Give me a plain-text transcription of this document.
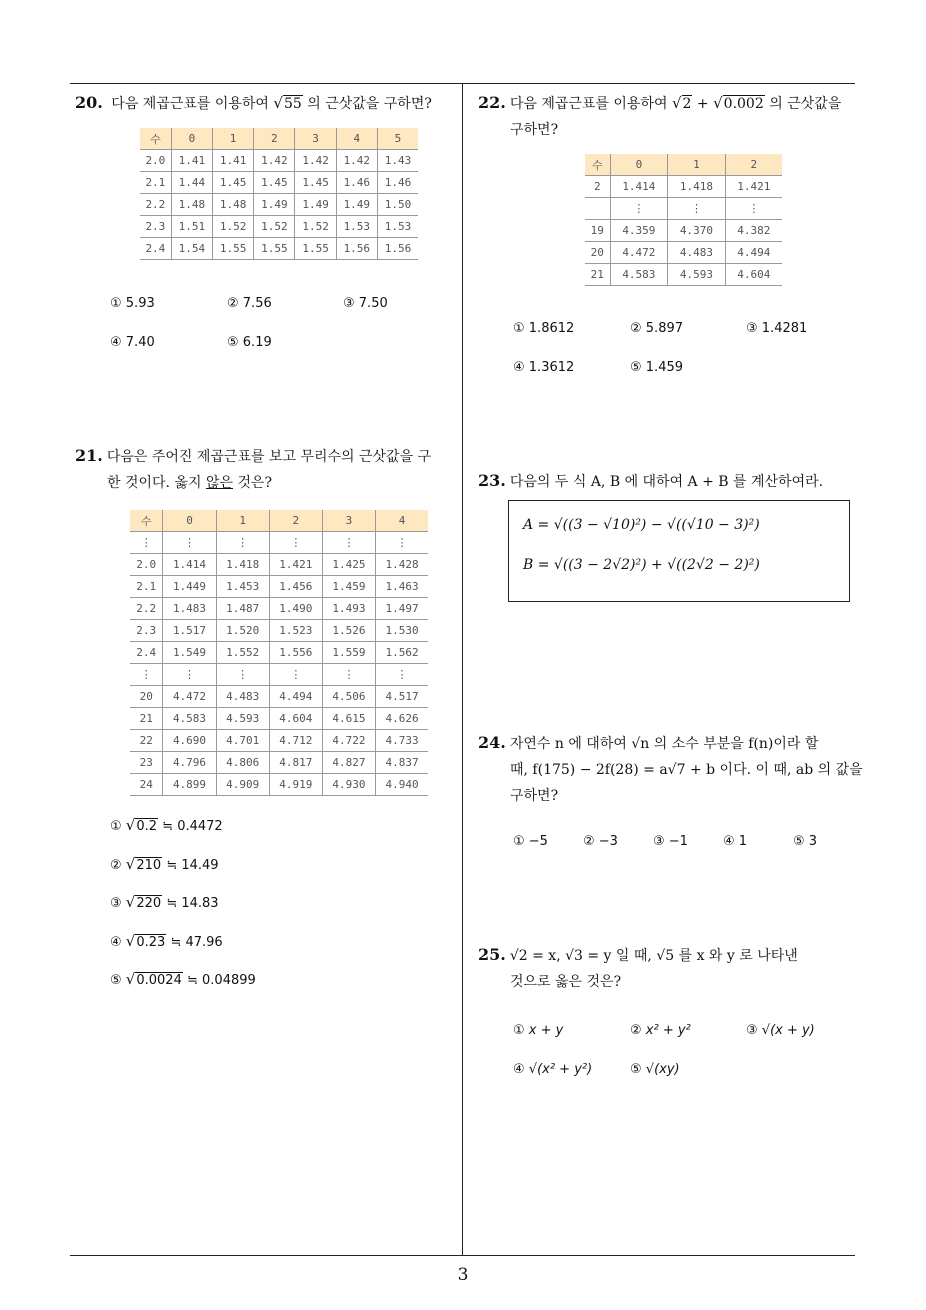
20. 다음 제곱근표를 이용하여 √55 의 근삿값을 구하면?
수	0	1	2	3	4	5
2.0	1.41	1.41	1.42	1.42	1.42	1.43
2.1	1.44	1.45	1.45	1.45	1.46	1.46
2.2	1.48	1.48	1.49	1.49	1.49	1.50
2.3	1.51	1.52	1.52	1.52	1.53	1.53
2.4	1.54	1.55	1.55	1.55	1.56	1.56
① 5.93	② 7.56	③ 7.50
④ 7.40	⑤ 6.19
21. 다음은 주어진 제곱근표를 보고 무리수의 근삿값을 구
한 것이다. 옳지 않은 것은?
수	0	1	2	3	4
⋮	⋮	⋮	⋮	⋮	⋮
2.0	1.414	1.418	1.421	1.425	1.428
2.1	1.449	1.453	1.456	1.459	1.463
2.2	1.483	1.487	1.490	1.493	1.497
2.3	1.517	1.520	1.523	1.526	1.530
2.4	1.549	1.552	1.556	1.559	1.562
⋮	⋮	⋮	⋮	⋮	⋮
20	4.472	4.483	4.494	4.506	4.517
21	4.583	4.593	4.604	4.615	4.626
22	4.690	4.701	4.712	4.722	4.733
23	4.796	4.806	4.817	4.827	4.837
24	4.899	4.909	4.919	4.930	4.940
① √0.2 ≒ 0.4472
② √210 ≒ 14.49
③ √220 ≒ 14.83
④ √0.23 ≒ 47.96
⑤ √0.0024 ≒ 0.04899
22. 다음 제곱근표를 이용하여 √2 + √0.002 의 근삿값을
구하면?
수	0	1	2
2	1.414	1.418	1.421
	⋮	⋮	⋮
19	4.359	4.370	4.382
20	4.472	4.483	4.494
21	4.583	4.593	4.604
① 1.8612	② 5.897	③ 1.4281
④ 1.3612	⑤ 1.459
23. 다음의 두 식 A, B 에 대하여 A + B 를 계산하여라.
A = √((3 − √10)²) − √((√10 − 3)²)
B = √((3 − 2√2)²) + √((2√2 − 2)²)
24. 자연수 n 에 대하여 √n 의 소수 부분을 f(n)이라 할
때, f(175) − 2f(28) = a√7 + b 이다. 이 때, ab 의 값을
구하면?
① −5	② −3	③ −1	④ 1	⑤ 3
25. √2 = x, √3 = y 일 때, √5 를 x 와 y 로 나타낸
것으로 옳은 것은?
① x + y	② x² + y²	③ √(x + y)
④ √(x² + y²)	⑤ √(xy)
3
